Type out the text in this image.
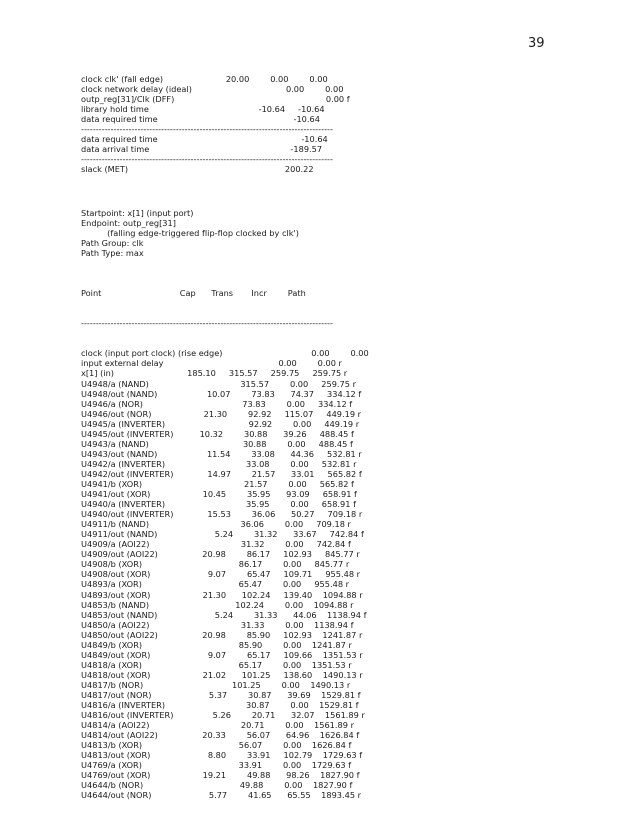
39
clock clk' (fall edge)                        20.00        0.00        0.00
clock network delay (ideal)                                    0.00        0.00
outp_reg[31]/Clk (DFF)                                                          0.00 f
library hold time                                          -10.64     -10.64
data required time                                                    -10.64
-------------------------------------------------------------------------------------
data required time                                                       -10.64
data arrival time                                                      -189.57
-------------------------------------------------------------------------------------
slack (MET)                                                            200.22
Startpoint: x[1] (input port)
Endpoint: outp_reg[31]
(falling edge-triggered flip-flop clocked by clk')
Path Group: clk
Path Type: max

Point                              Cap      Trans       Incr        Path

-------------------------------------------------------------------------------------

clock (input port clock) (rise edge)                                  0.00        0.00
input external delay                                            0.00        0.00 r
x[1] (in)                            185.10     315.57     259.75     259.75 r
U4948/a (NAND)                                   315.57        0.00     259.75 r
U4948/out (NAND)                   10.07        73.83      74.37     334.12 f
U4946/a (NOR)                                      73.83        0.00     334.12 f
U4946/out (NOR)                    21.30        92.92     115.07     449.19 r
U4945/a (INVERTER)                                92.92        0.00     449.19 r
U4945/out (INVERTER)          10.32        30.88      39.26     488.45 f
U4943/a (NAND)                                    30.88        0.00     488.45 f
U4943/out (NAND)                   11.54        33.08      44.36     532.81 r
U4942/a (INVERTER)                               33.08        0.00     532.81 r
U4942/out (INVERTER)             14.97        21.57      33.01     565.82 f
U4941/b (XOR)                                       21.57        0.00     565.82 f
U4941/out (XOR)                    10.45        35.95      93.09     658.91 f
U4940/a (INVERTER)                               35.95        0.00     658.91 f
U4940/out (INVERTER)             15.53        36.06      50.27     709.18 r
U4911/b (NAND)                                   36.06        0.00     709.18 r
U4911/out (NAND)                      5.24        31.32      33.67     742.84 f
U4909/a (AOI22)                                   31.32        0.00     742.84 f
U4909/out (AOI22)                 20.98        86.17     102.93     845.77 r
U4908/b (XOR)                                     86.17        0.00     845.77 r
U4908/out (XOR)                      9.07        65.47     109.71     955.48 r
U4893/a (XOR)                                     65.47        0.00     955.48 r
U4893/out (XOR)                    21.30      102.24     139.40    1094.88 r
U4853/b (NAND)                                 102.24        0.00    1094.88 r
U4853/out (NAND)                      5.24        31.33      44.06    1138.94 f
U4850/a (AOI22)                                   31.33        0.00    1138.94 f
U4850/out (AOI22)                 20.98        85.90     102.93    1241.87 r
U4849/b (XOR)                                     85.90        0.00    1241.87 r
U4849/out (XOR)                      9.07        65.17     109.66    1351.53 r
U4818/a (XOR)                                     65.17        0.00    1351.53 r
U4818/out (XOR)                    21.02      101.25     138.60    1490.13 r
U4817/b (NOR)                                  101.25        0.00    1490.13 r
U4817/out (NOR)                      5.37        30.87      39.69    1529.81 f
U4816/a (INVERTER)                               30.87        0.00    1529.81 f
U4816/out (INVERTER)               5.26        20.71      32.07    1561.89 r
U4814/a (AOI22)                                   20.71        0.00    1561.89 r
U4814/out (AOI22)                 20.33        56.07      64.96    1626.84 f
U4813/b (XOR)                                     56.07        0.00    1626.84 f
U4813/out (XOR)                      8.80        33.91     102.79    1729.63 f
U4769/a (XOR)                                     33.91        0.00    1729.63 f
U4769/out (XOR)                    19.21        49.88      98.26    1827.90 f
U4644/b (NOR)                                     49.88        0.00    1827.90 f
U4644/out (NOR)                      5.77        41.65      65.55    1893.45 r
